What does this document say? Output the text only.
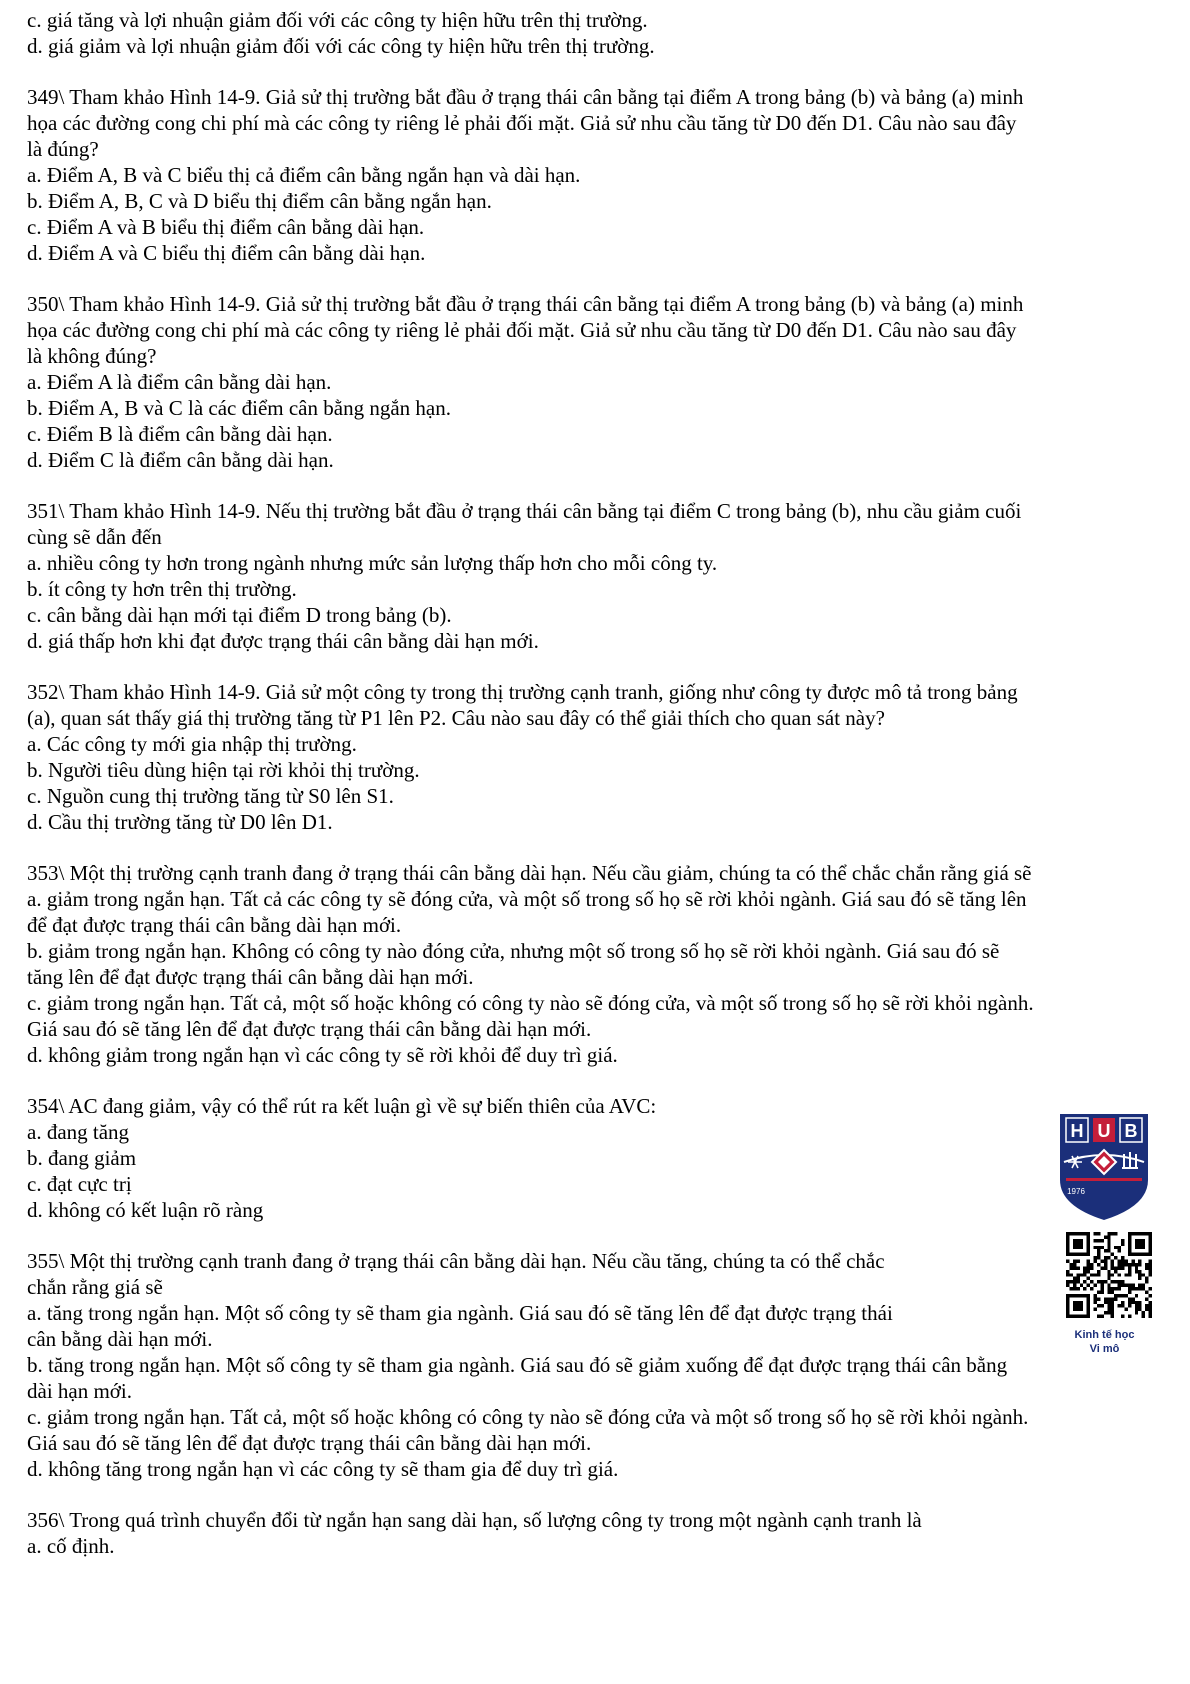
c. giá tăng và lợi nhuận giảm đối với các công ty hiện hữu trên thị trường.
d. giá giảm và lợi nhuận giảm đối với các công ty hiện hữu trên thị trường.
349\ Tham khảo Hình 14-9. Giả sử thị trường bắt đầu ở trạng thái cân bằng tại điểm A trong bảng (b) và bảng (a) minh
họa các đường cong chi phí mà các công ty riêng lẻ phải đối mặt. Giả sử nhu cầu tăng từ D0 đến D1. Câu nào sau đây
là đúng?
a. Điểm A, B và C biểu thị cả điểm cân bằng ngắn hạn và dài hạn.
b. Điểm A, B, C và D biểu thị điểm cân bằng ngắn hạn.
c. Điểm A và B biểu thị điểm cân bằng dài hạn.
d. Điểm A và C biểu thị điểm cân bằng dài hạn.
350\ Tham khảo Hình 14-9. Giả sử thị trường bắt đầu ở trạng thái cân bằng tại điểm A trong bảng (b) và bảng (a) minh
họa các đường cong chi phí mà các công ty riêng lẻ phải đối mặt. Giả sử nhu cầu tăng từ D0 đến D1. Câu nào sau đây
là không đúng?
a. Điểm A là điểm cân bằng dài hạn.
b. Điểm A, B và C là các điểm cân bằng ngắn hạn.
c. Điểm B là điểm cân bằng dài hạn.
d. Điểm C là điểm cân bằng dài hạn.
351\ Tham khảo Hình 14-9. Nếu thị trường bắt đầu ở trạng thái cân bằng tại điểm C trong bảng (b), nhu cầu giảm cuối
cùng sẽ dẫn đến
a. nhiều công ty hơn trong ngành nhưng mức sản lượng thấp hơn cho mỗi công ty.
b. ít công ty hơn trên thị trường.
c. cân bằng dài hạn mới tại điểm D trong bảng (b).
d. giá thấp hơn khi đạt được trạng thái cân bằng dài hạn mới.
352\ Tham khảo Hình 14-9. Giả sử một công ty trong thị trường cạnh tranh, giống như công ty được mô tả trong bảng
(a), quan sát thấy giá thị trường tăng từ P1 lên P2. Câu nào sau đây có thể giải thích cho quan sát này?
a. Các công ty mới gia nhập thị trường.
b. Người tiêu dùng hiện tại rời khỏi thị trường.
c. Nguồn cung thị trường tăng từ S0 lên S1.
d. Cầu thị trường tăng từ D0 lên D1.
353\ Một thị trường cạnh tranh đang ở trạng thái cân bằng dài hạn. Nếu cầu giảm, chúng ta có thể chắc chắn rằng giá sẽ
a. giảm trong ngắn hạn. Tất cả các công ty sẽ đóng cửa, và một số trong số họ sẽ rời khỏi ngành. Giá sau đó sẽ tăng lên
để đạt được trạng thái cân bằng dài hạn mới.
b. giảm trong ngắn hạn. Không có công ty nào đóng cửa, nhưng một số trong số họ sẽ rời khỏi ngành. Giá sau đó sẽ
tăng lên để đạt được trạng thái cân bằng dài hạn mới.
c. giảm trong ngắn hạn. Tất cả, một số hoặc không có công ty nào sẽ đóng cửa, và một số trong số họ sẽ rời khỏi ngành.
Giá sau đó sẽ tăng lên để đạt được trạng thái cân bằng dài hạn mới.
d. không giảm trong ngắn hạn vì các công ty sẽ rời khỏi để duy trì giá.
354\ AC đang giảm, vậy có thể rút ra kết luận gì về sự biến thiên của AVC:
a. đang tăng
b. đang giảm
c. đạt cực trị
d. không có kết luận rõ ràng
355\ Một thị trường cạnh tranh đang ở trạng thái cân bằng dài hạn. Nếu cầu tăng, chúng ta có thể chắc
chắn rằng giá sẽ
a. tăng trong ngắn hạn. Một số công ty sẽ tham gia ngành. Giá sau đó sẽ tăng lên để đạt được trạng thái
cân bằng dài hạn mới.
b. tăng trong ngắn hạn. Một số công ty sẽ tham gia ngành. Giá sau đó sẽ giảm xuống để đạt được trạng thái cân bằng
dài hạn mới.
c. giảm trong ngắn hạn. Tất cả, một số hoặc không có công ty nào sẽ đóng cửa và một số trong số họ sẽ rời khỏi ngành.
Giá sau đó sẽ tăng lên để đạt được trạng thái cân bằng dài hạn mới.
d. không tăng trong ngắn hạn vì các công ty sẽ tham gia để duy trì giá.
356\ Trong quá trình chuyển đổi từ ngắn hạn sang dài hạn, số lượng công ty trong một ngành cạnh tranh là
a. cố định.
H U B
1976
Kinh tế học
Vi mô
